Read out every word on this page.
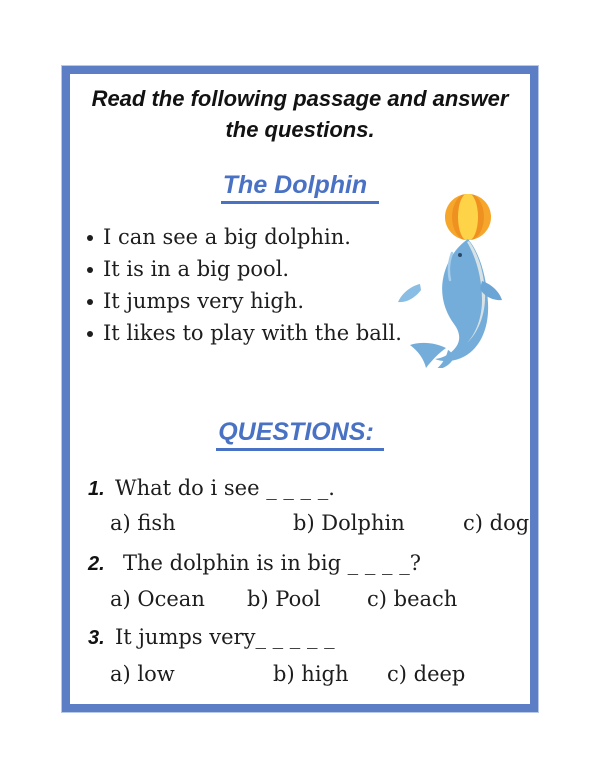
Read the following passage and answer
the questions.
The Dolphin
I can see a big dolphin.
It is in a big pool.
It jumps very high.
It likes to play with the ball.
QUESTIONS:
1. What do i see _ _ _ _.
a) fish	b) Dolphin	c) dog
2. The dolphin is in big _ _ _ _?
a) Ocean b) Pool c) beach
3. It jumps very_ _ _ _ _
a) low	b) high c) deep
